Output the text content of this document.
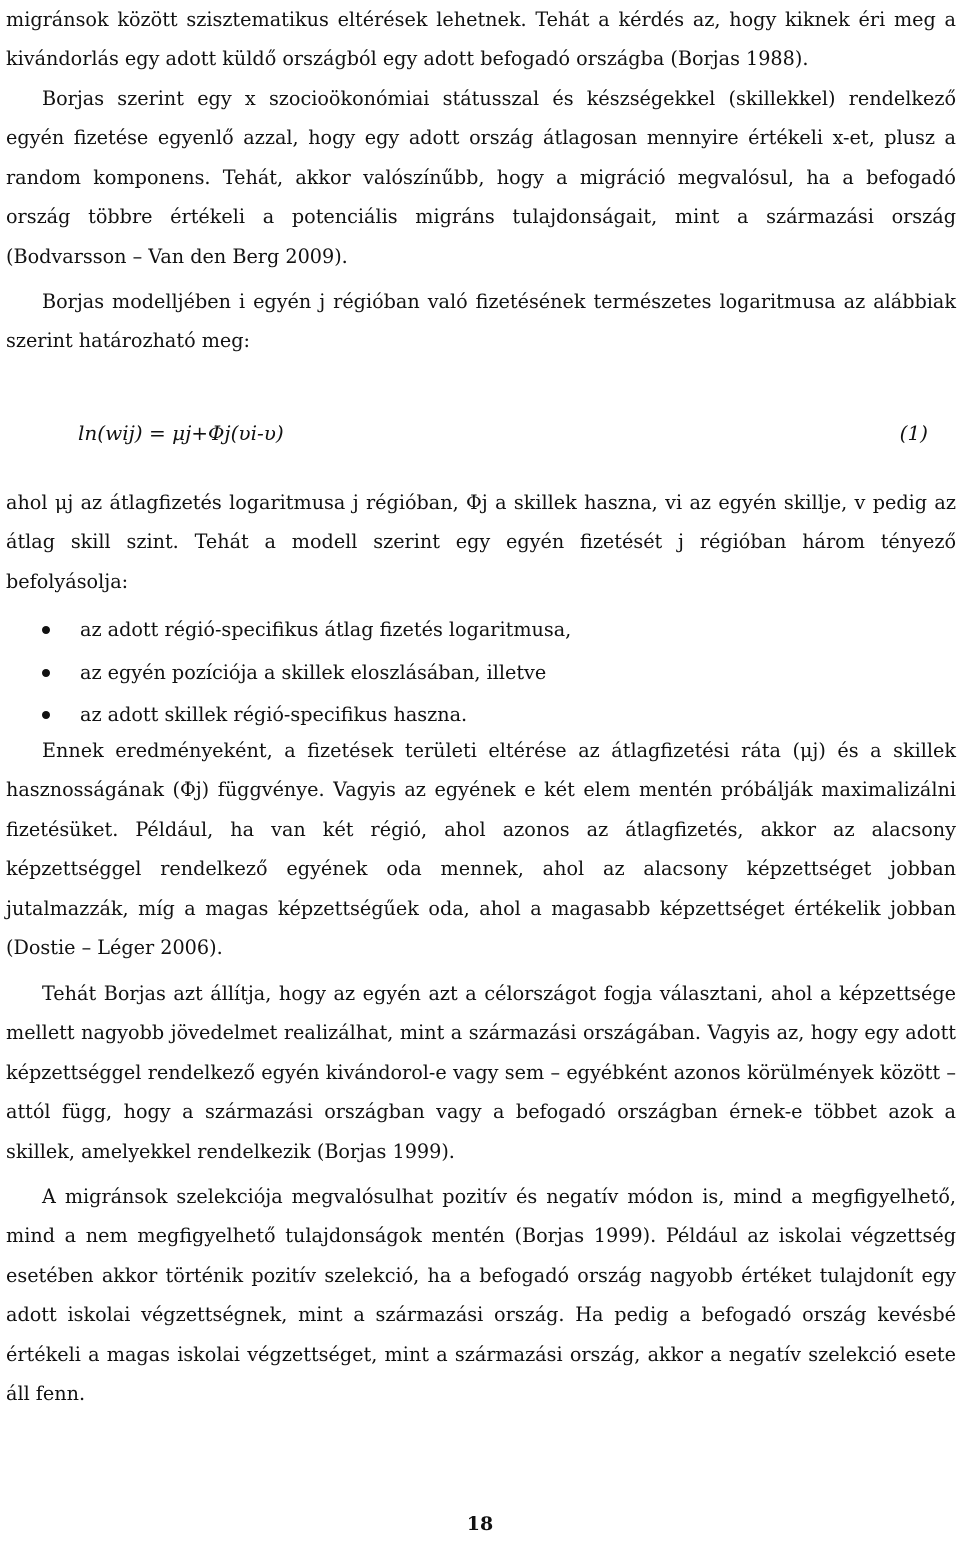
migránsok között szisztematikus eltérések lehetnek. Tehát a kérdés az, hogy kiknek éri meg a kivándorlás egy adott küldő országból egy adott befogadó országba (Borjas 1988).

Borjas szerint egy x szocioökonómiai státusszal és készségekkel (skillekkel) rendelkező egyén fizetése egyenlő azzal, hogy egy adott ország átlagosan mennyire értékeli x-et, plusz a random komponens. Tehát, akkor valószínűbb, hogy a migráció megvalósul, ha a befogadó ország többre értékeli a potenciális migráns tulajdonságait, mint a származási ország (Bodvarsson – Van den Berg 2009).

Borjas modelljében i egyén j régióban való fizetésének természetes logaritmusa az alábbiak szerint határozható meg:

ln(wij) = μj+Φj(υi-υ)	(1)

ahol μj az átlagfizetés logaritmusa j régióban, Φj a skillek haszna, vi az egyén skillje, v pedig az átlag skill szint. Tehát a modell szerint egy egyén fizetését j régióban három tényező befolyásolja:

az adott régió-specifikus átlag fizetés logaritmusa,
az egyén pozíciója a skillek eloszlásában, illetve
az adott skillek régió-specifikus haszna.

Ennek eredményeként, a fizetések területi eltérése az átlagfizetési ráta (μj) és a skillek hasznosságának (Φj) függvénye. Vagyis az egyének e két elem mentén próbálják maximalizálni fizetésüket. Például, ha van két régió, ahol azonos az átlagfizetés, akkor az alacsony képzettséggel rendelkező egyének oda mennek, ahol az alacsony képzettséget jobban jutalmazzák, míg a magas képzettségűek oda, ahol a magasabb képzettséget értékelik jobban (Dostie – Léger 2006).

Tehát Borjas azt állítja, hogy az egyén azt a célországot fogja választani, ahol a képzettsége mellett nagyobb jövedelmet realizálhat, mint a származási országában. Vagyis az, hogy egy adott képzettséggel rendelkező egyén kivándorol-e vagy sem – egyébként azonos körülmények között – attól függ, hogy a származási országban vagy a befogadó országban érnek-e többet azok a skillek, amelyekkel rendelkezik (Borjas 1999).

A migránsok szelekciója megvalósulhat pozitív és negatív módon is, mind a megfigyelhető, mind a nem megfigyelhető tulajdonságok mentén (Borjas 1999). Például az iskolai végzettség esetében akkor történik pozitív szelekció, ha a befogadó ország nagyobb értéket tulajdonít egy adott iskolai végzettségnek, mint a származási ország. Ha pedig a befogadó ország kevésbé értékeli a magas iskolai végzettséget, mint a származási ország, akkor a negatív szelekció esete áll fenn.

18
